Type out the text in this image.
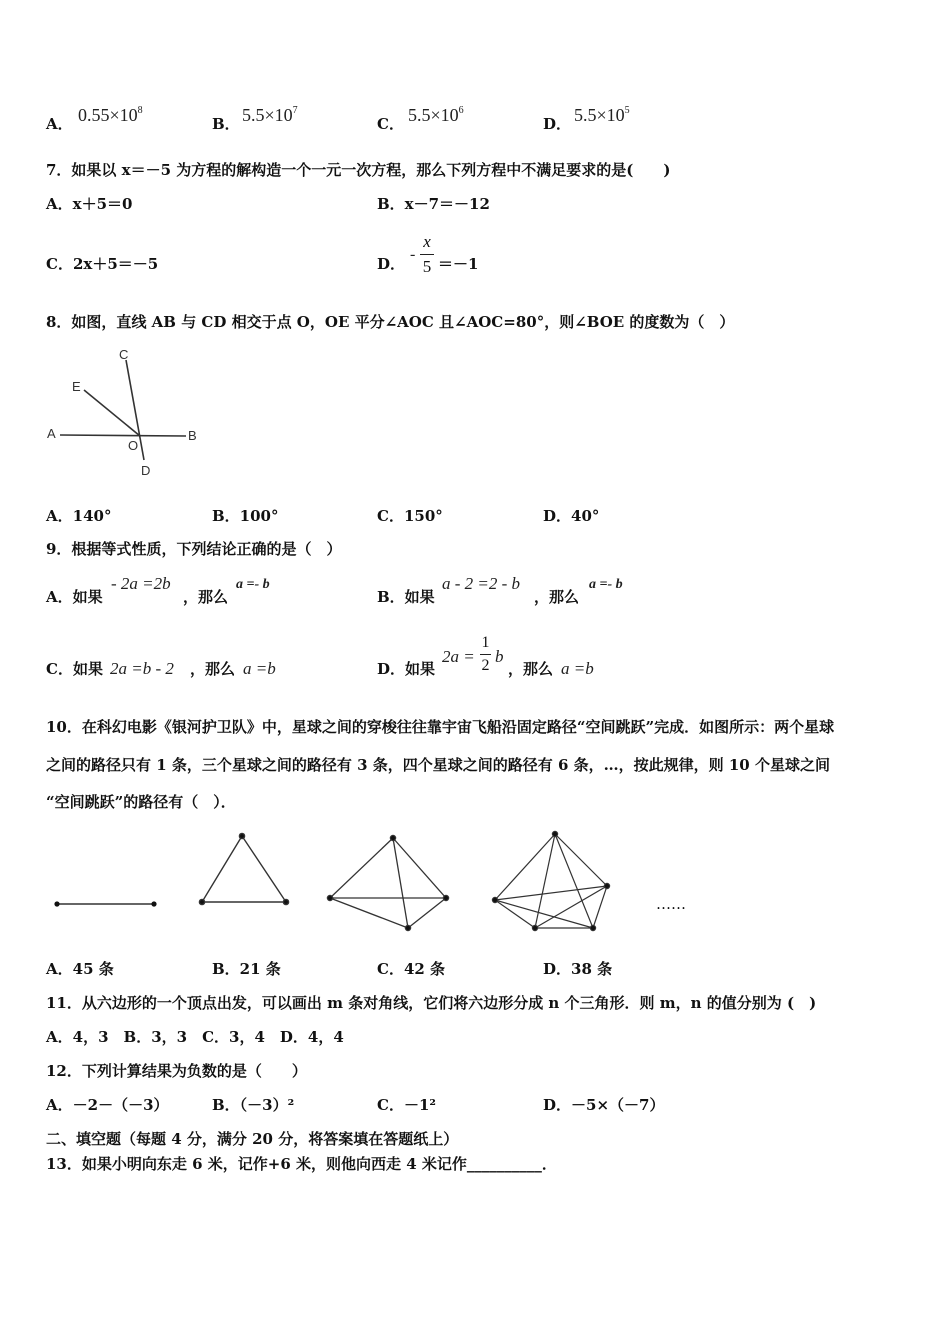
A． $0.55\times 10^8$
B． $5.5\times 10^7$
C． $5.5\times 10^6$
D． $5.5\times 10^5$
7．如果以 x＝－5 为方程的解构造一个一元一次方程，那么下列方程中不满足要求的是(　　)
A．x＋5＝0	B．x－7＝－12
C．2x＋5＝－5	D．
-
x
5 ＝－1
8．如图，直线 AB 与 CD 相交于点 O，OE 平分∠AOC 且∠AOC=80°，则∠BOE 的度数为（　）
A	B
C
D
E
O
A．140°	B．100°	C．150°	D．40°
9．根据等式性质，下列结论正确的是（　）
A．如果
- 2a =2b
，那么
a =- b
B．如果
a - 2 =2 - b
，那么
a =- b
C．如果 2a =b - 2 ，那么 a =b	D．如果
2a =
1
2 b
，那么 a =b
10．在科幻电影《银河护卫队》中，星球之间的穿梭往往靠宇宙飞船沿固定路径“空间跳跃”完成．如图所示：两个星球
之间的路径只有 1 条，三个星球之间的路径有 3 条，四个星球之间的路径有 6 条，…，按此规律，则 10 个星球之间
“空间跳跃”的路径有（　）．
……
A．45 条	B．21 条	C．42 条	D．38 条
11．从六边形的一个顶点出发，可以画出 m 条对角线，它们将六边形分成 n 个三角形．则 m，n 的值分别为 (　)
A．4，3　B．3，3　C．3，4　D．4，4
12．下列计算结果为负数的是（　　）
A．－2－（－3）	B．（－3）²	C．－1²	D．－5×（－7）
二、填空题（每题 4 分，满分 20 分，将答案填在答题纸上）
13．如果小明向东走 6 米，记作+6 米，则他向西走 4 米记作__________．
